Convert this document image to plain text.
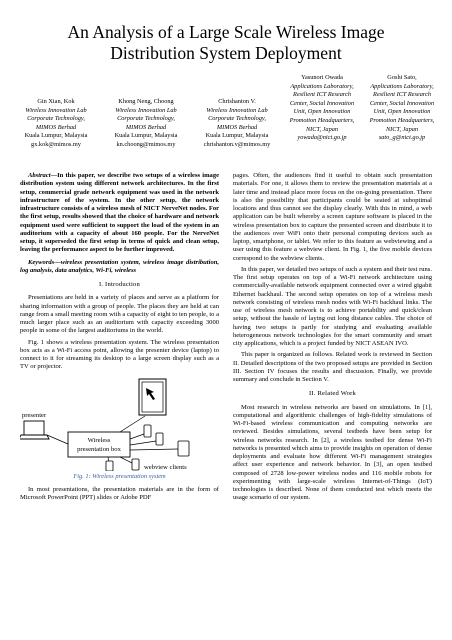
An Analysis of a Large Scale Wireless Image
Distribution System Deployment
Gin Xian, Kok
Wireless Innovation Lab
Corporate Technology,
MIMOS Berhad
Kuala Lumpur, Malaysia
gx.kok@mimos.my
Khong Neng, Choong
Wireless Innovation Lab
Corporate Technology,
MIMOS Berhad
Kuala Lumpur, Malaysia
kn.choong@mimos.my
Chrishanton V.
Wireless Innovation Lab
Corporate Technology,
MIMOS Berhad
Kuala Lumpur, Malaysia
chrishanton.v@mimos.my
Yasunori Owada
Applications Laboratory,
Resilient ICT Research
Center, Social Innovation
Unit, Open Innovation
Promotion Headquarters,
NICT, Japan
yowada@nict.go.jp
Goshi Sato,
Applications Laboratory,
Resilient ICT Research
Center, Social Innovation
Unit, Open Innovation
Promotion Headquarters,
NICT, Japan
sato_g@nict.go.jp

Abstract—In this paper, we describe two setups of a wireless image distribution system using different network architectures. In the first setup, commercial grade network equipment was used in the network infrastructure of the system. In the other setup, the network infrastructure consists of a wireless mesh of NICT NerveNet nodes. For the first setup, results showed that the choice of hardware and network equipment used were sufficient to support the load of the system in an auditorium with a capacity of about 160 people. For the NerveNet setup, it superseded the first setup in terms of quick and clean setup, leaving the performance aspect to be further improved.

Keywords—wireless presentation system, wireless image distribution, log analysis, data analytics, Wi-Fi, wireless

I. Introduction

Presentations are held in a variety of places and serve as a platform for sharing information with a group of people. The places they are held at can range from a small meeting room with a capacity of eight to ten people, to a much larger place such as an auditorium with capacity exceeding 3000 people in some of the largest auditoriums in the world.

Fig. 1 shows a wireless presentation system. The wireless presentation box acts as a Wi-Fi access point, allowing the presenter device (laptop) to connect to it for streaming its desktop to a large screen display such as a TV or projector.

presenter
Wireless
presentation box
webview clients
Fig. 1: Wireless presentation system

In most presentations, the presentation materials are in the form of Microsoft PowerPoint (PPT) slides or Adobe PDF

pages. Often, the audiences find it useful to obtain such presentation materials. For one, it allows them to review the presentation materials at a later time and instead place more focus on the on-going presentation. There is also the possibility that participants could be seated at suboptimal locations and thus cannot see the display clearly. With this in mind, a web application can be built whereby a screen capture software is placed in the wireless presentation box to capture the presented screen and distribute it to the audiences over WiFi onto their personal computing devices such as laptop, smartphone, or tablet. We refer to this feature as webviewing and a user using this feature a webview client. In Fig. 1, the five mobile devices correspond to the webview clients.

In this paper, we detailed two setups of such a system and their test runs. The first setup operates on top of a Wi-Fi network architecture using commercially-available network equipment connected over a wired gigabit Ethernet backhaul. The second setup operates on top of a wireless mesh network consisting of wireless mesh nodes with Wi-Fi backhaul links. The use of wireless mesh network is to achieve portability and quick/clean setup, without the hassle of laying out long distance cables. The choice of having two setups is partly for studying and evaluating available heterogeneous network technologies for the smart community and smart city applications, which is a project funded by NICT ASEAN IVO.

This paper is organized as follows. Related work is reviewed in Section II. Detailed descriptions of the two proposed setups are provided in Section III. Section IV focuses the results and discussion. Finally, we provide summary and conclude in Section V.

II. Related Work

Most research in wireless networks are based on simulations. In [1], computational and algorithmic challenges of high-fidelity simulations of Wi-Fi-based wireless communication and computing networks are reviewed. Besides simulations, several testbeds have been setup for wireless networks research. In [2], a wireless testbed for dense Wi-Fi networks is presented which aims to provide insights on operation of dense deployments and evaluate how different Wi-Fi management strategies affect user experience and network behavior. In [3], an open testbed composed of 2728 low-power wireless nodes and 116 mobile robots for experimenting with large-scale wireless Internet-of-Things (IoT) technologies is described. None of them conducted test which meets the usage scenario of our system.
